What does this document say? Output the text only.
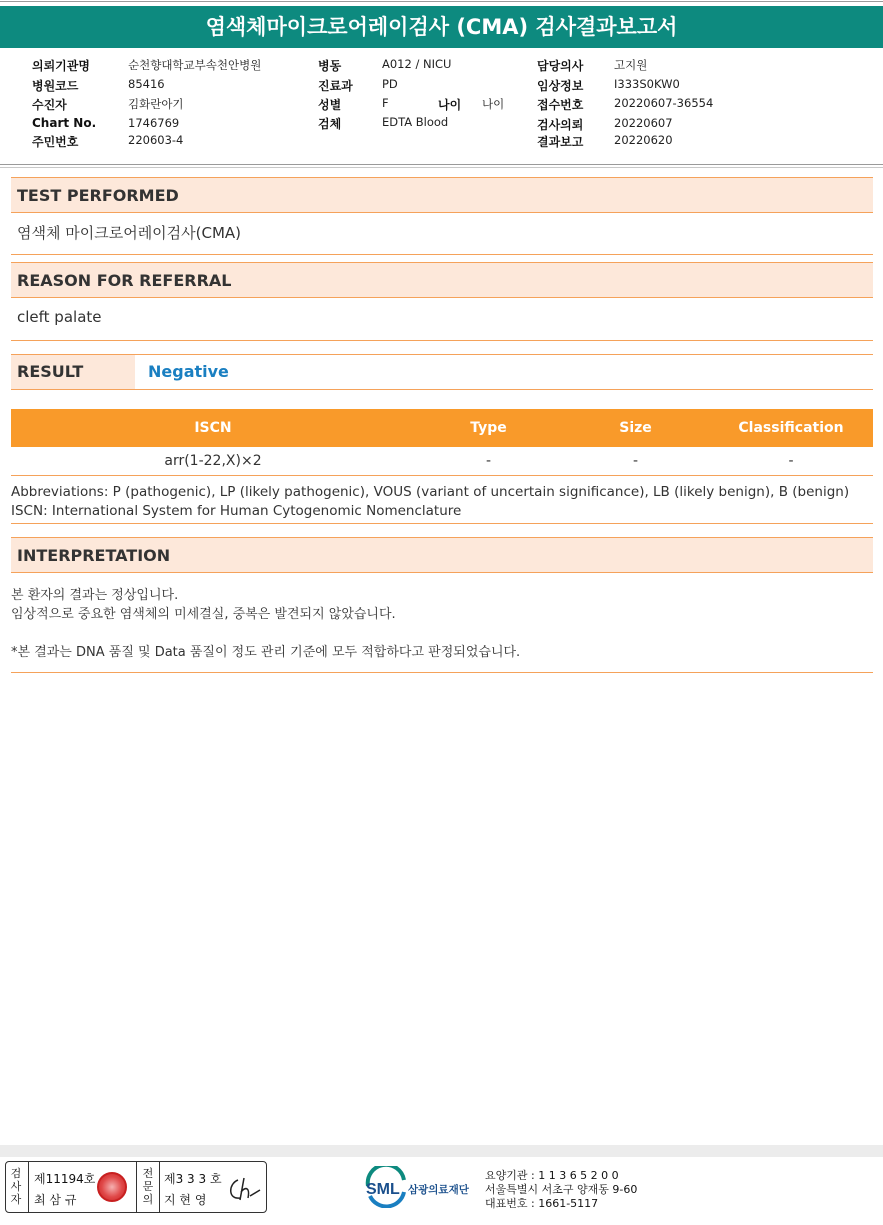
염색체마이크로어레이검사 (CMA) 검사결과보고서
의뢰기관명	순천향대학교부속천안병원
병원코드	85416
수진자	김화란아기
Chart No.	1746769
주민번호	220603-4
병동	A012 / NICU
진료과	PD
성별	F	나이 나이
검체	EDTA Blood
담당의사	고지원
임상정보	I333S0KW0
접수번호	20220607-36554
검사의뢰	20220607
결과보고	20220620
TEST PERFORMED
염색체 마이크로어레이검사(CMA)
REASON FOR REFERRAL
cleft palate
RESULT	Negative
ISCN	Type	Size	Classification
arr(1-22,X)×2	-	-	-
Abbreviations: P (pathogenic), LP (likely pathogenic), VOUS (variant of uncertain significance), LB (likely benign), B (benign)
ISCN: International System for Human Cytogenomic Nomenclature
INTERPRETATION
본 환자의 결과는 정상입니다.
임상적으로 중요한 염색체의 미세결실, 중복은 발견되지 않았습니다.
*본 결과는 DNA 품질 및 Data 품질이 정도 관리 기준에 모두 적합하다고 판정되었습니다.
검
사
자
제11194호
최 삼 규
전
문
의
제3 3 3 호
지 현 영
SML 삼광의료재단
요양기관 : 1 1 3 6 5 2 0 0
서울특별시 서초구 양재동 9-60
대표번호 : 1661-5117
